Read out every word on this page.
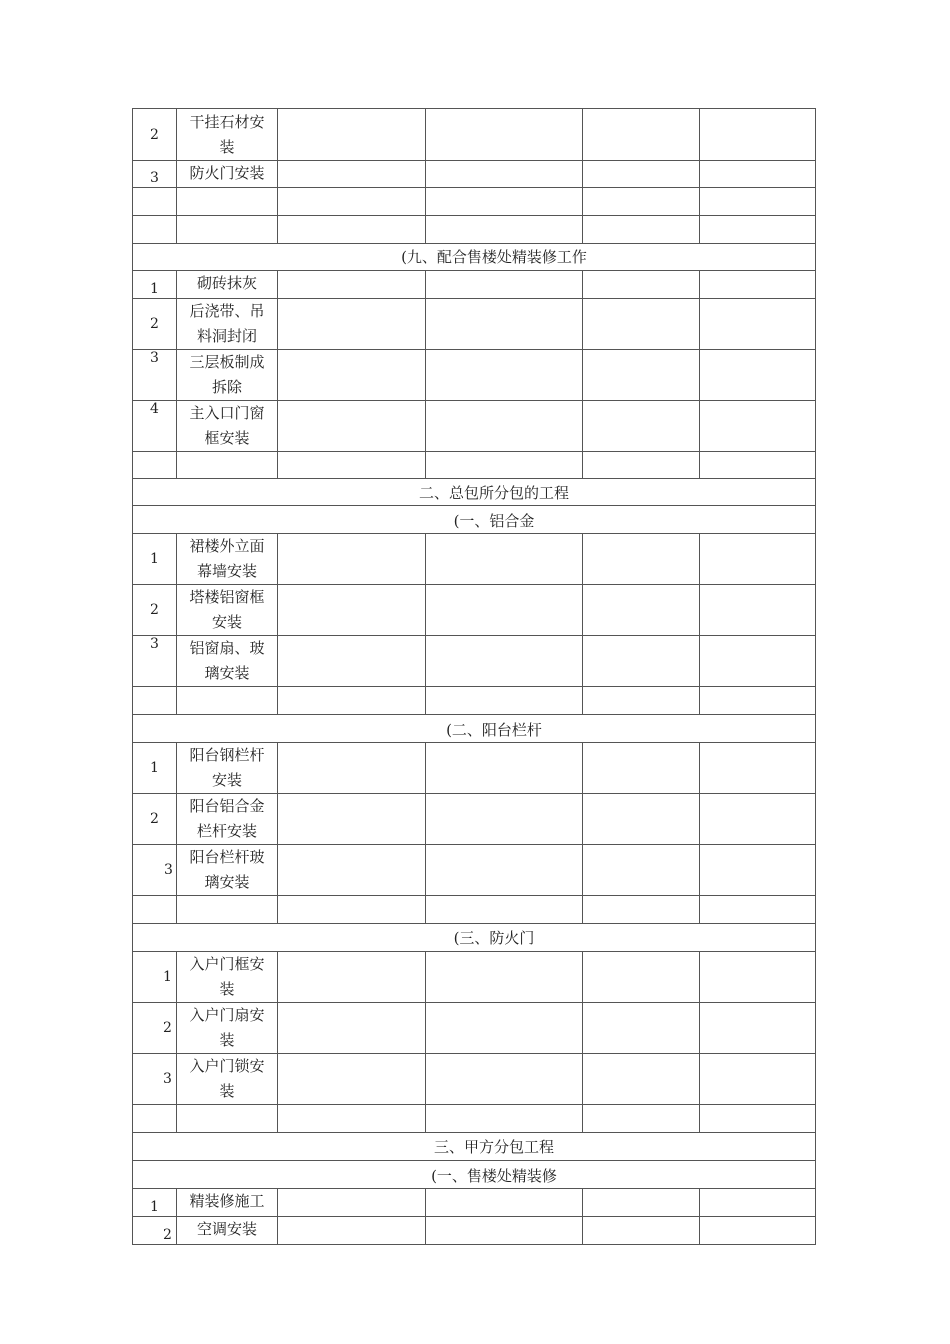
2	干挂石材安装				
3	防火门安装				

(九、配合售楼处精装修工作					
1	砌砖抹灰				
2	后浇带、吊料洞封闭				
3	三层板制成拆除				
4	主入口门窗框安装				

二、总包所分包的工程					
(一、铝合金					
1	裙楼外立面幕墙安装				
2	塔楼铝窗框安装				
3	铝窗扇、玻璃安装				

(二、阳台栏杆					
1	阳台钢栏杆安装				
2	阳台铝合金栏杆安装				
3	阳台栏杆玻璃安装				

(三、防火门					
1	入户门框安装				
2	入户门扇安装				
3	入户门锁安装				

三、甲方分包工程					
(一、售楼处精装修					
1	精装修施工				
2	空调安装				
